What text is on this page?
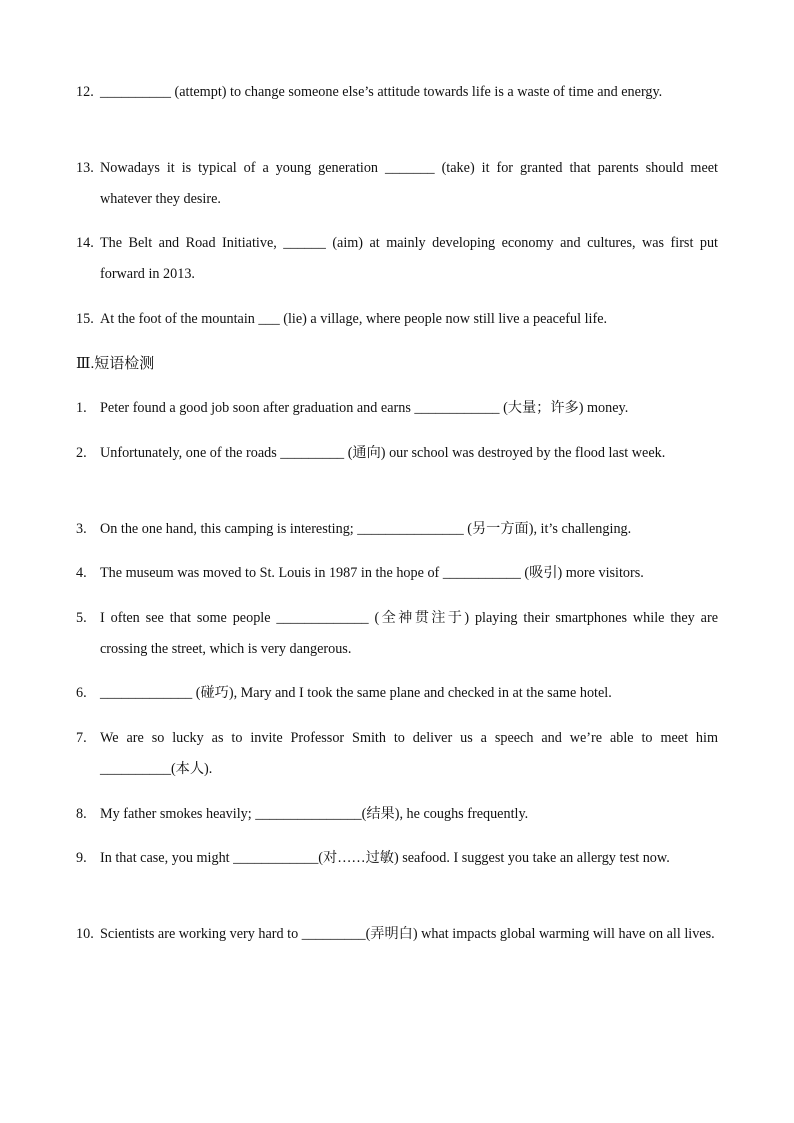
12. __________ (attempt) to change someone else’s attitude towards life is a waste of time and energy.
13. Nowadays it is typical of a young generation _______ (take) it for granted that parents should meet whatever they desire.
14. The Belt and Road Initiative, ______ (aim) at mainly developing economy and cultures, was first put forward in 2013.
15. At the foot of the mountain ___ (lie) a village, where people now still live a peaceful life.
Ⅲ.短语检测
1. Peter found a good job soon after graduation and earns ____________ (大量；许多) money.
2. Unfortunately, one of the roads _________ (通向) our school was destroyed by the flood last week.
3. On the one hand, this camping is interesting; _______________ (另一方面), it’s challenging.
4. The museum was moved to St. Louis in 1987 in the hope of ___________ (吸引) more visitors.
5. I often see that some people _____________ (全神贯注于) playing their smartphones while they are crossing the street, which is very dangerous.
6. _____________ (碰巧), Mary and I took the same plane and checked in at the same hotel.
7. We are so lucky as to invite Professor Smith to deliver us a speech and we’re able to meet him __________(本人).
8. My father smokes heavily; _______________(结果), he coughs frequently.
9. In that case, you might ____________(对……过敏) seafood. I suggest you take an allergy test now.
10. Scientists are working very hard to _________(弄明白) what impacts global warming will have on all lives.
